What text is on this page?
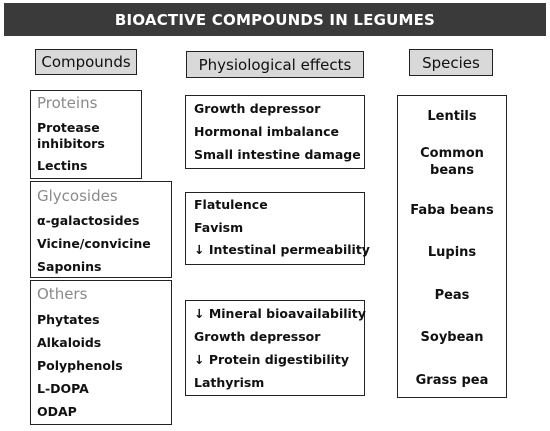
BIOACTIVE COMPOUNDS IN LEGUMES
Compounds	Physiological effects	Species
Proteins
Protease inhibitors
Lectins
Glycosides
α-galactosides
Vicine/convicine
Saponins
Others
Phytates
Alkaloids
Polyphenols
L-DOPA
ODAP
Growth depressor
Hormonal imbalance
Small intestine damage
Flatulence
Favism
↓ Intestinal permeability
↓ Mineral bioavailability
Growth depressor
↓ Protein digestibility
Lathyrism
Lentils
Common beans
Faba beans
Lupins
Peas
Soybean
Grass pea
